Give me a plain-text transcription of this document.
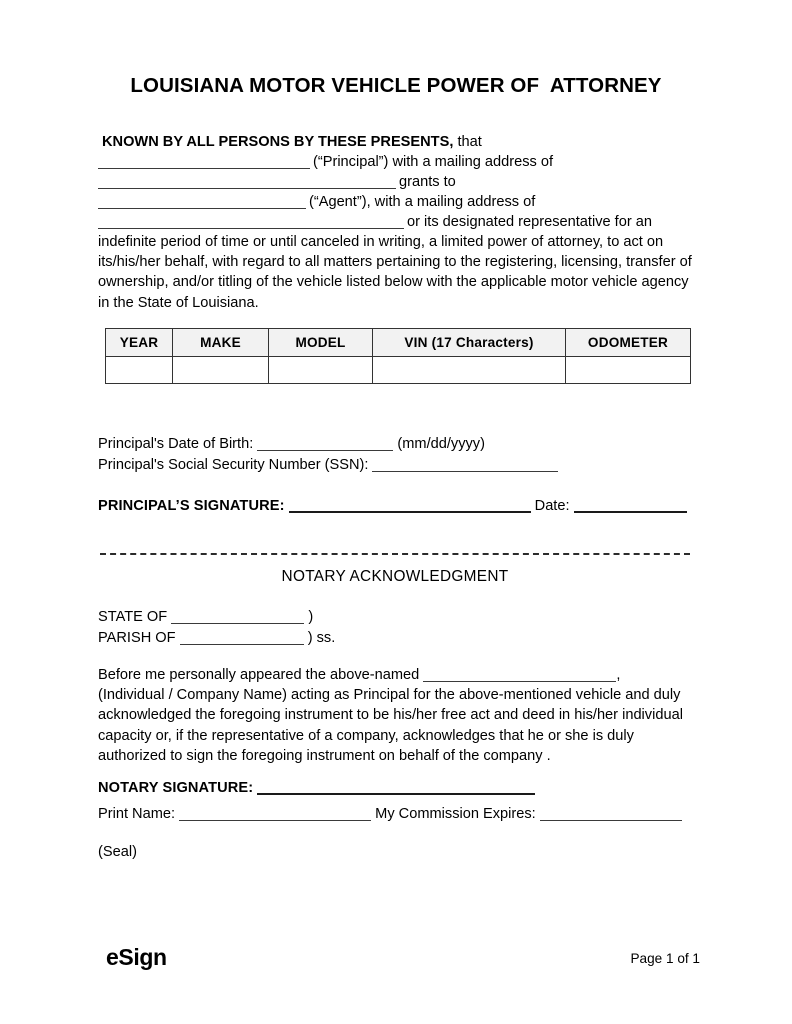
LOUISIANA MOTOR VEHICLE POWER OF  ATTORNEY

KNOWN BY ALL PERSONS BY THESE PRESENTS, that

(“Principal”) with a mailing address of
grants to
(“Agent”), with a mailing address of
or its designated representative for an

indefinite period of time or until canceled in writing, a limited power of attorney, to act on its/his/her behalf, with regard to all matters pertaining to the registering, licensing, transfer of ownership, and/or titling of the vehicle listed below with the applicable motor vehicle agency in the State of Louisiana.

YEAR	MAKE	MODEL	VIN (17 Characters)	ODOMETER

Principal's Date of Birth:	(mm/dd/yyyy)
Principal's Social Security Number (SSN):
PRINCIPAL’S SIGNATURE:	Date:
NOTARY ACKNOWLEDGMENT
STATE OF	)
PARISH OF	) ss.
Before me personally appeared the above-named	, (Individual / Company Name) acting as Principal for the above-mentioned vehicle and duly acknowledged the foregoing instrument to be his/her free act and deed in his/her individual capacity or, if the representative of a company, acknowledges that he or she is duly authorized to sign the foregoing instrument on behalf of the company .
NOTARY SIGNATURE:
Print Name:	My Commission Expires:
(Seal)
eSign	Page 1 of 1
